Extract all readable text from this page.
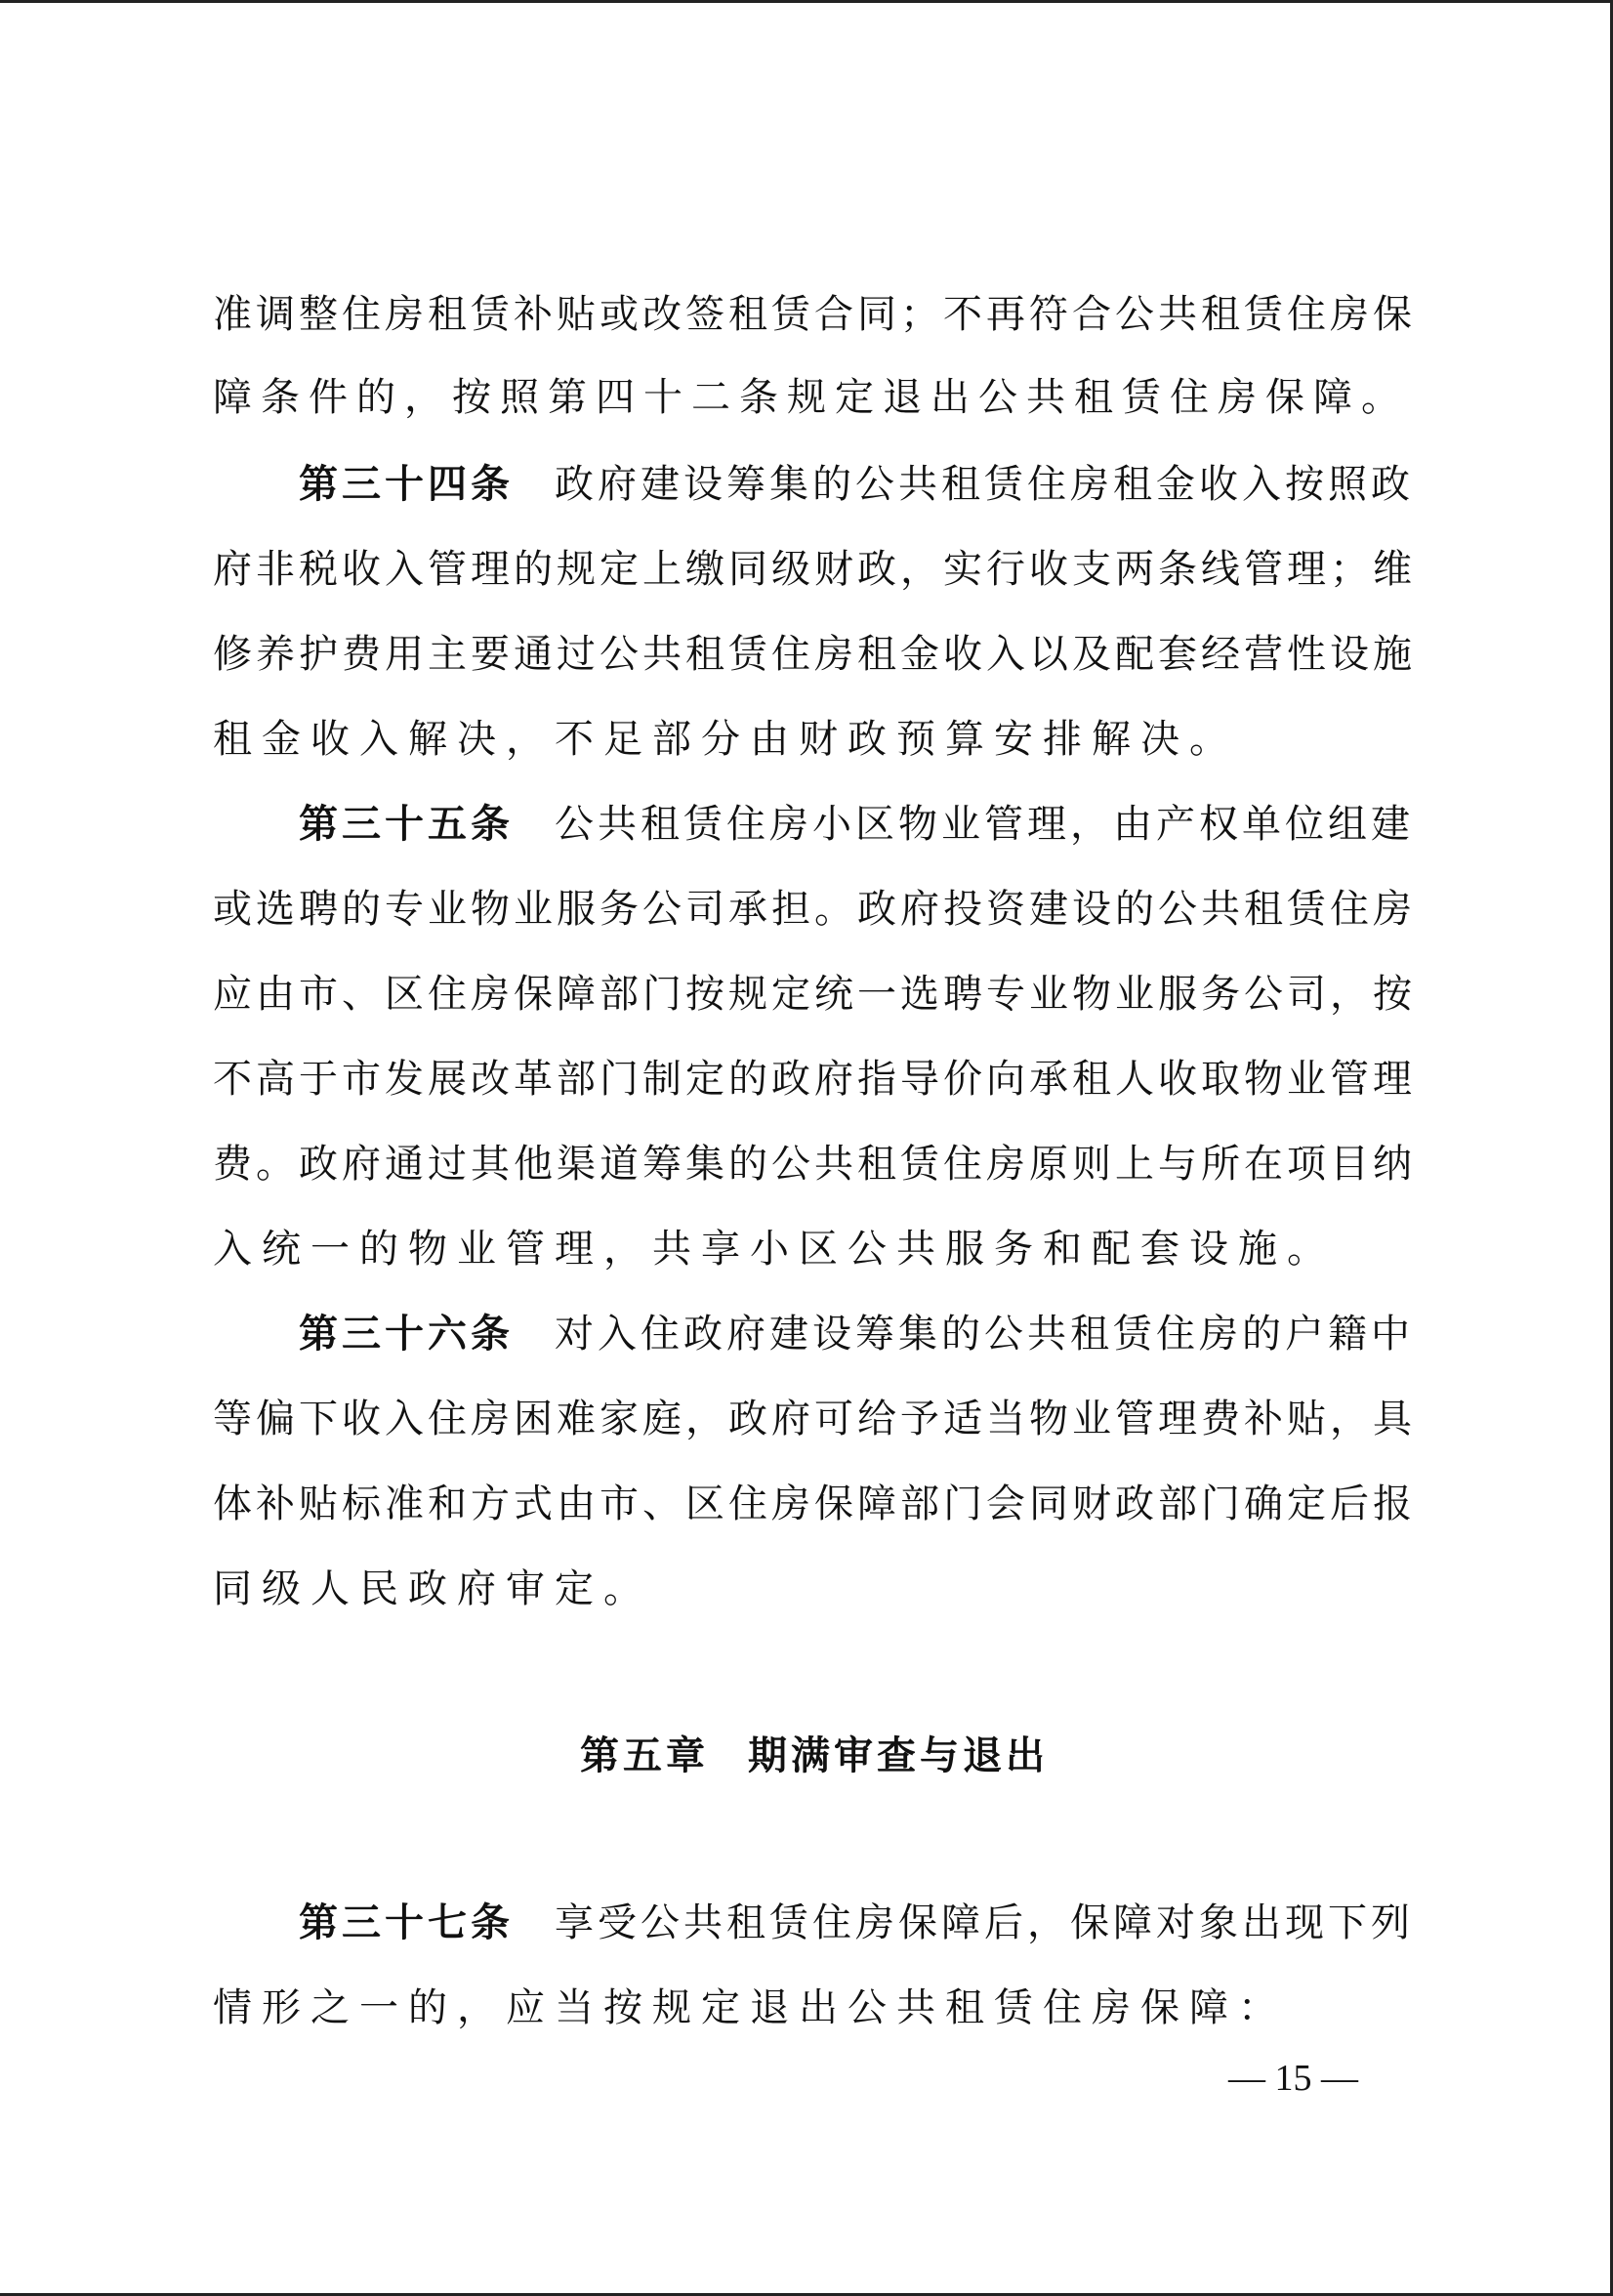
准调整住房租赁补贴或改签租赁合同；不再符合公共租赁住房保
障条件的，按照第四十二条规定退出公共租赁住房保障。
第三十四条 政府建设筹集的公共租赁住房租金收入按照政
府非税收入管理的规定上缴同级财政，实行收支两条线管理；维
修养护费用主要通过公共租赁住房租金收入以及配套经营性设施
租金收入解决，不足部分由财政预算安排解决。
第三十五条 公共租赁住房小区物业管理，由产权单位组建
或选聘的专业物业服务公司承担。政府投资建设的公共租赁住房
应由市、区住房保障部门按规定统一选聘专业物业服务公司，按
不高于市发展改革部门制定的政府指导价向承租人收取物业管理
费。政府通过其他渠道筹集的公共租赁住房原则上与所在项目纳
入统一的物业管理，共享小区公共服务和配套设施。
第三十六条 对入住政府建设筹集的公共租赁住房的户籍中
等偏下收入住房困难家庭，政府可给予适当物业管理费补贴，具
体补贴标准和方式由市、区住房保障部门会同财政部门确定后报
同级人民政府审定。
第五章 期满审查与退出
第三十七条 享受公共租赁住房保障后，保障对象出现下列
情形之一的，应当按规定退出公共租赁住房保障：
— 15 —
